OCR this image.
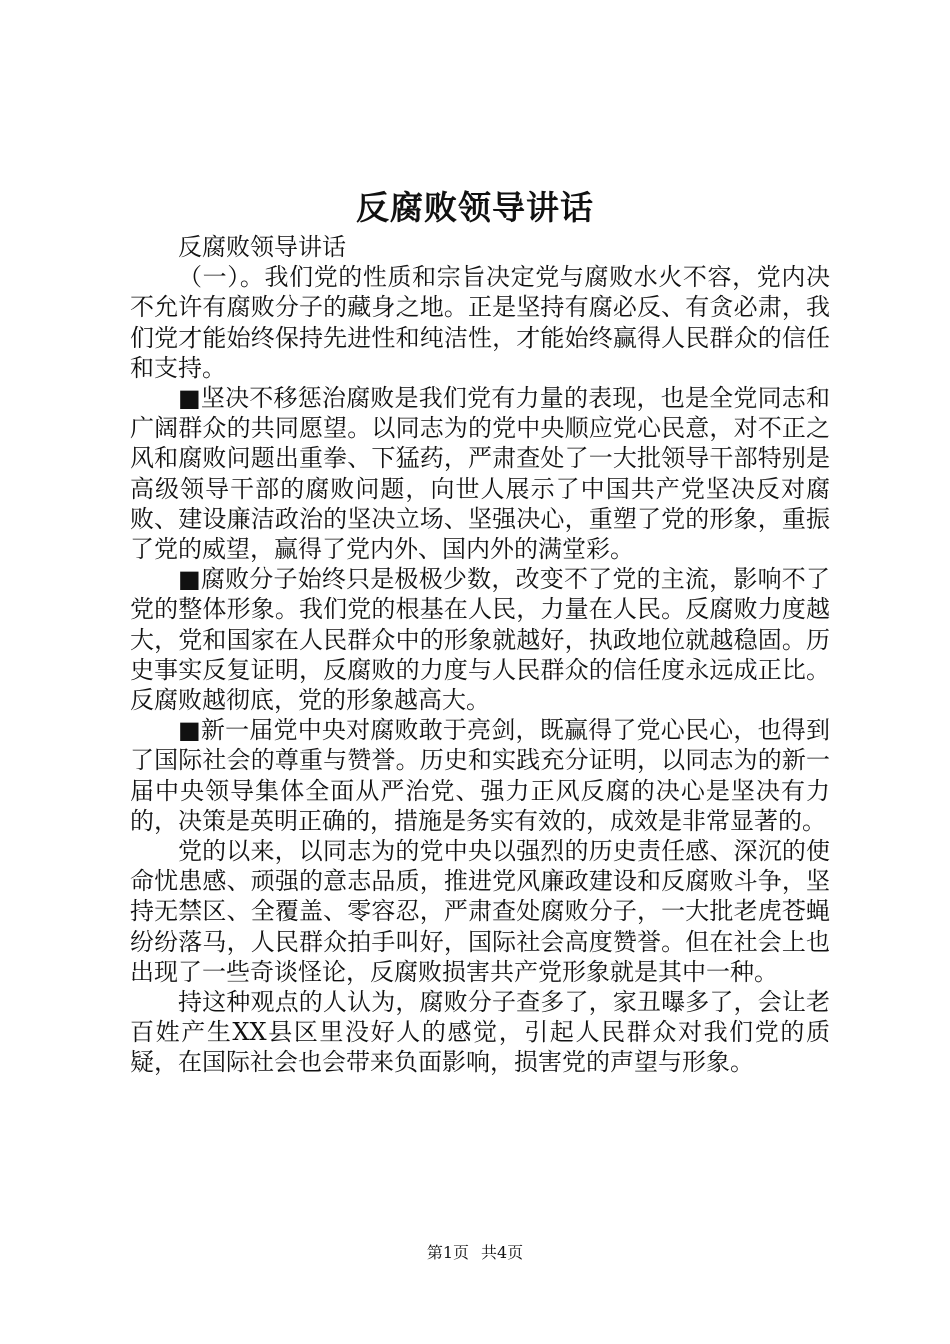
反腐败领导讲话

反腐败领导讲话

（一）。我们党的性质和宗旨决定党与腐败水火不容，党内决不允许有腐败分子的藏身之地。正是坚持有腐必反、有贪必肃，我们党才能始终保持先进性和纯洁性，才能始终赢得人民群众的信任和支持。

■坚决不移惩治腐败是我们党有力量的表现，也是全党同志和广阔群众的共同愿望。以同志为的党中央顺应党心民意，对不正之风和腐败问题出重拳、下猛药，严肃查处了一大批领导干部特别是高级领导干部的腐败问题，向世人展示了中国共产党坚决反对腐败、建设廉洁政治的坚决立场、坚强决心，重塑了党的形象，重振了党的威望，赢得了党内外、国内外的满堂彩。

■腐败分子始终只是极极少数，改变不了党的主流，影响不了党的整体形象。我们党的根基在人民，力量在人民。反腐败力度越大，党和国家在人民群众中的形象就越好，执政地位就越稳固。历史事实反复证明，反腐败的力度与人民群众的信任度永远成正比。反腐败越彻底，党的形象越高大。

■新一届党中央对腐败敢于亮剑，既赢得了党心民心，也得到了国际社会的尊重与赞誉。历史和实践充分证明，以同志为的新一届中央领导集体全面从严治党、强力正风反腐的决心是坚决有力的，决策是英明正确的，措施是务实有效的，成效是非常显著的。

党的以来，以同志为的党中央以强烈的历史责任感、深沉的使命忧患感、顽强的意志品质，推进党风廉政建设和反腐败斗争，坚持无禁区、全覆盖、零容忍，严肃查处腐败分子，一大批老虎苍蝇纷纷落马，人民群众拍手叫好，国际社会高度赞誉。但在社会上也出现了一些奇谈怪论，反腐败损害共产党形象就是其中一种。

持这种观点的人认为，腐败分子查多了，家丑曝多了，会让老百姓产生XX县区里没好人的感觉，引起人民群众对我们党的质疑，在国际社会也会带来负面影响，损害党的声望与形象。

第1页 共4页
